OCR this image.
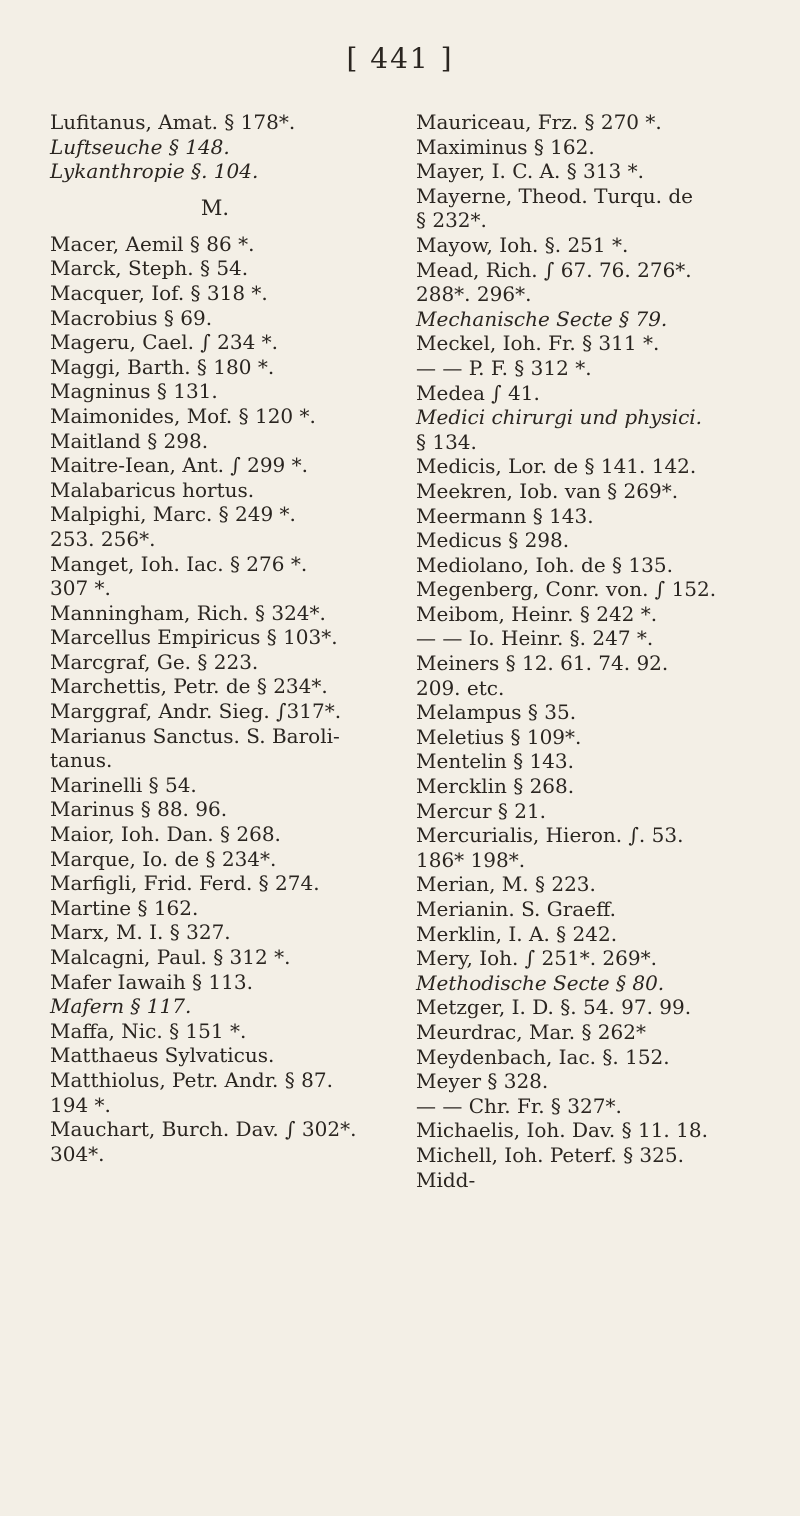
[ 441 ]
Lufitanus, Amat. § 178*.
Luftseuche § 148.
Lykanthropie §. 104.
M.
Macer, Aemil § 86 *.
Marck, Steph. § 54.
Macquer, Iof. § 318 *.
Macrobius § 69.
Mageru, Cael. ∫ 234 *.
Maggi, Barth. § 180 *.
Magninus § 131.
Maimonides, Mof. § 120 *.
Maitland § 298.
Maitre-Iean, Ant. ∫ 299 *.
Malabaricus hortus.
Malpighi, Marc. § 249 *.
253. 256*.
Manget, Ioh. Iac. § 276 *.
307 *.
Manningham, Rich. § 324*.
Marcellus Empiricus § 103*.
Marcgraf, Ge. § 223.
Marchettis, Petr. de § 234*.
Marggraf, Andr. Sieg. ∫317*.
Marianus Sanctus. S. Baroli-
tanus.
Marinelli § 54.
Marinus § 88. 96.
Maior, Ioh. Dan. § 268.
Marque, Io. de § 234*.
Marfigli, Frid. Ferd. § 274.
Martine § 162.
Marx, M. I. § 327.
Malcagni, Paul. § 312 *.
Mafer Iawaih § 113.
Mafern § 117.
Maffa, Nic. § 151 *.
Matthaeus Sylvaticus.
Matthiolus, Petr. Andr. § 87.
194 *.
Mauchart, Burch. Dav. ∫ 302*.
304*.
Mauriceau, Frz. § 270 *.
Maximinus § 162.
Mayer, I. C. A. § 313 *.
Mayerne, Theod. Turqu. de
§ 232*.
Mayow, Ioh. §. 251 *.
Mead, Rich. ∫ 67. 76. 276*.
288*. 296*.
Mechanische Secte § 79.
Meckel, Ioh. Fr. § 311 *.
— — P. F. § 312 *.
Medea ∫ 41.
Medici chirurgi und physici.
§ 134.
Medicis, Lor. de § 141. 142.
Meekren, Iob. van § 269*.
Meermann § 143.
Medicus § 298.
Mediolano, Ioh. de § 135.
Megenberg, Conr. von. ∫ 152.
Meibom, Heinr. § 242 *.
— — Io. Heinr. §. 247 *.
Meiners § 12. 61. 74. 92.
209. etc.
Melampus § 35.
Meletius § 109*.
Mentelin § 143.
Mercklin § 268.
Mercur § 21.
Mercurialis, Hieron. ∫. 53.
186* 198*.
Merian, M. § 223.
Merianin. S. Graeff.
Merklin, I. A. § 242.
Mery, Ioh. ∫ 251*. 269*.
Methodische Secte § 80.
Metzger, I. D. §. 54. 97. 99.
Meurdrac, Mar. § 262*
Meydenbach, Iac. §. 152.
Meyer § 328.
— — Chr. Fr. § 327*.
Michaelis, Ioh. Dav. § 11. 18.
Michell, Ioh. Peterf. § 325.
Midd-
